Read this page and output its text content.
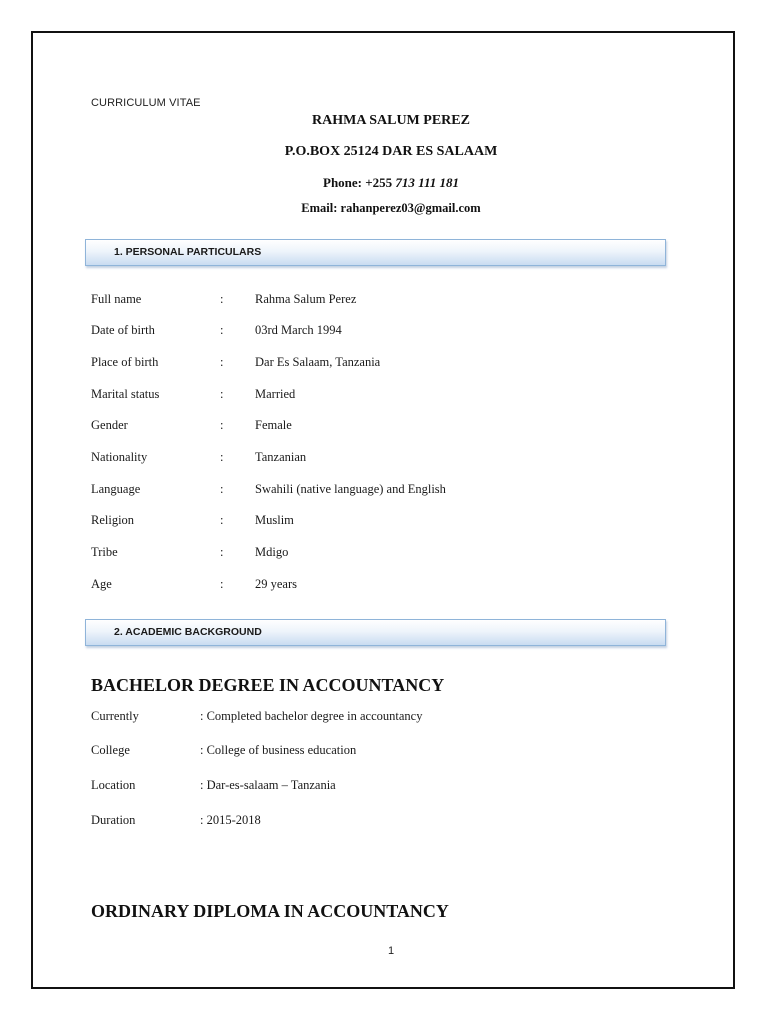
CURRICULUM VITAE
RAHMA SALUM PEREZ
P.O.BOX 25124 DAR ES SALAAM
Phone: +255 713 111 181
Email: rahanperez03@gmail.com
1. PERSONAL PARTICULARS
Full name	:	Rahma Salum Perez
Date of birth	:	03rd March 1994
Place of birth	:	Dar Es Salaam, Tanzania
Marital status	:	Married
Gender	:	Female
Nationality	:	Tanzanian
Language	:	Swahili (native language) and English
Religion	:	Muslim
Tribe	:	Mdigo
Age	:	29 years
2. ACADEMIC BACKGROUND
BACHELOR DEGREE IN ACCOUNTANCY
Currently	: Completed bachelor degree in accountancy
College	: College of business education
Location	: Dar-es-salaam – Tanzania
Duration	: 2015-2018
ORDINARY DIPLOMA IN ACCOUNTANCY
1
